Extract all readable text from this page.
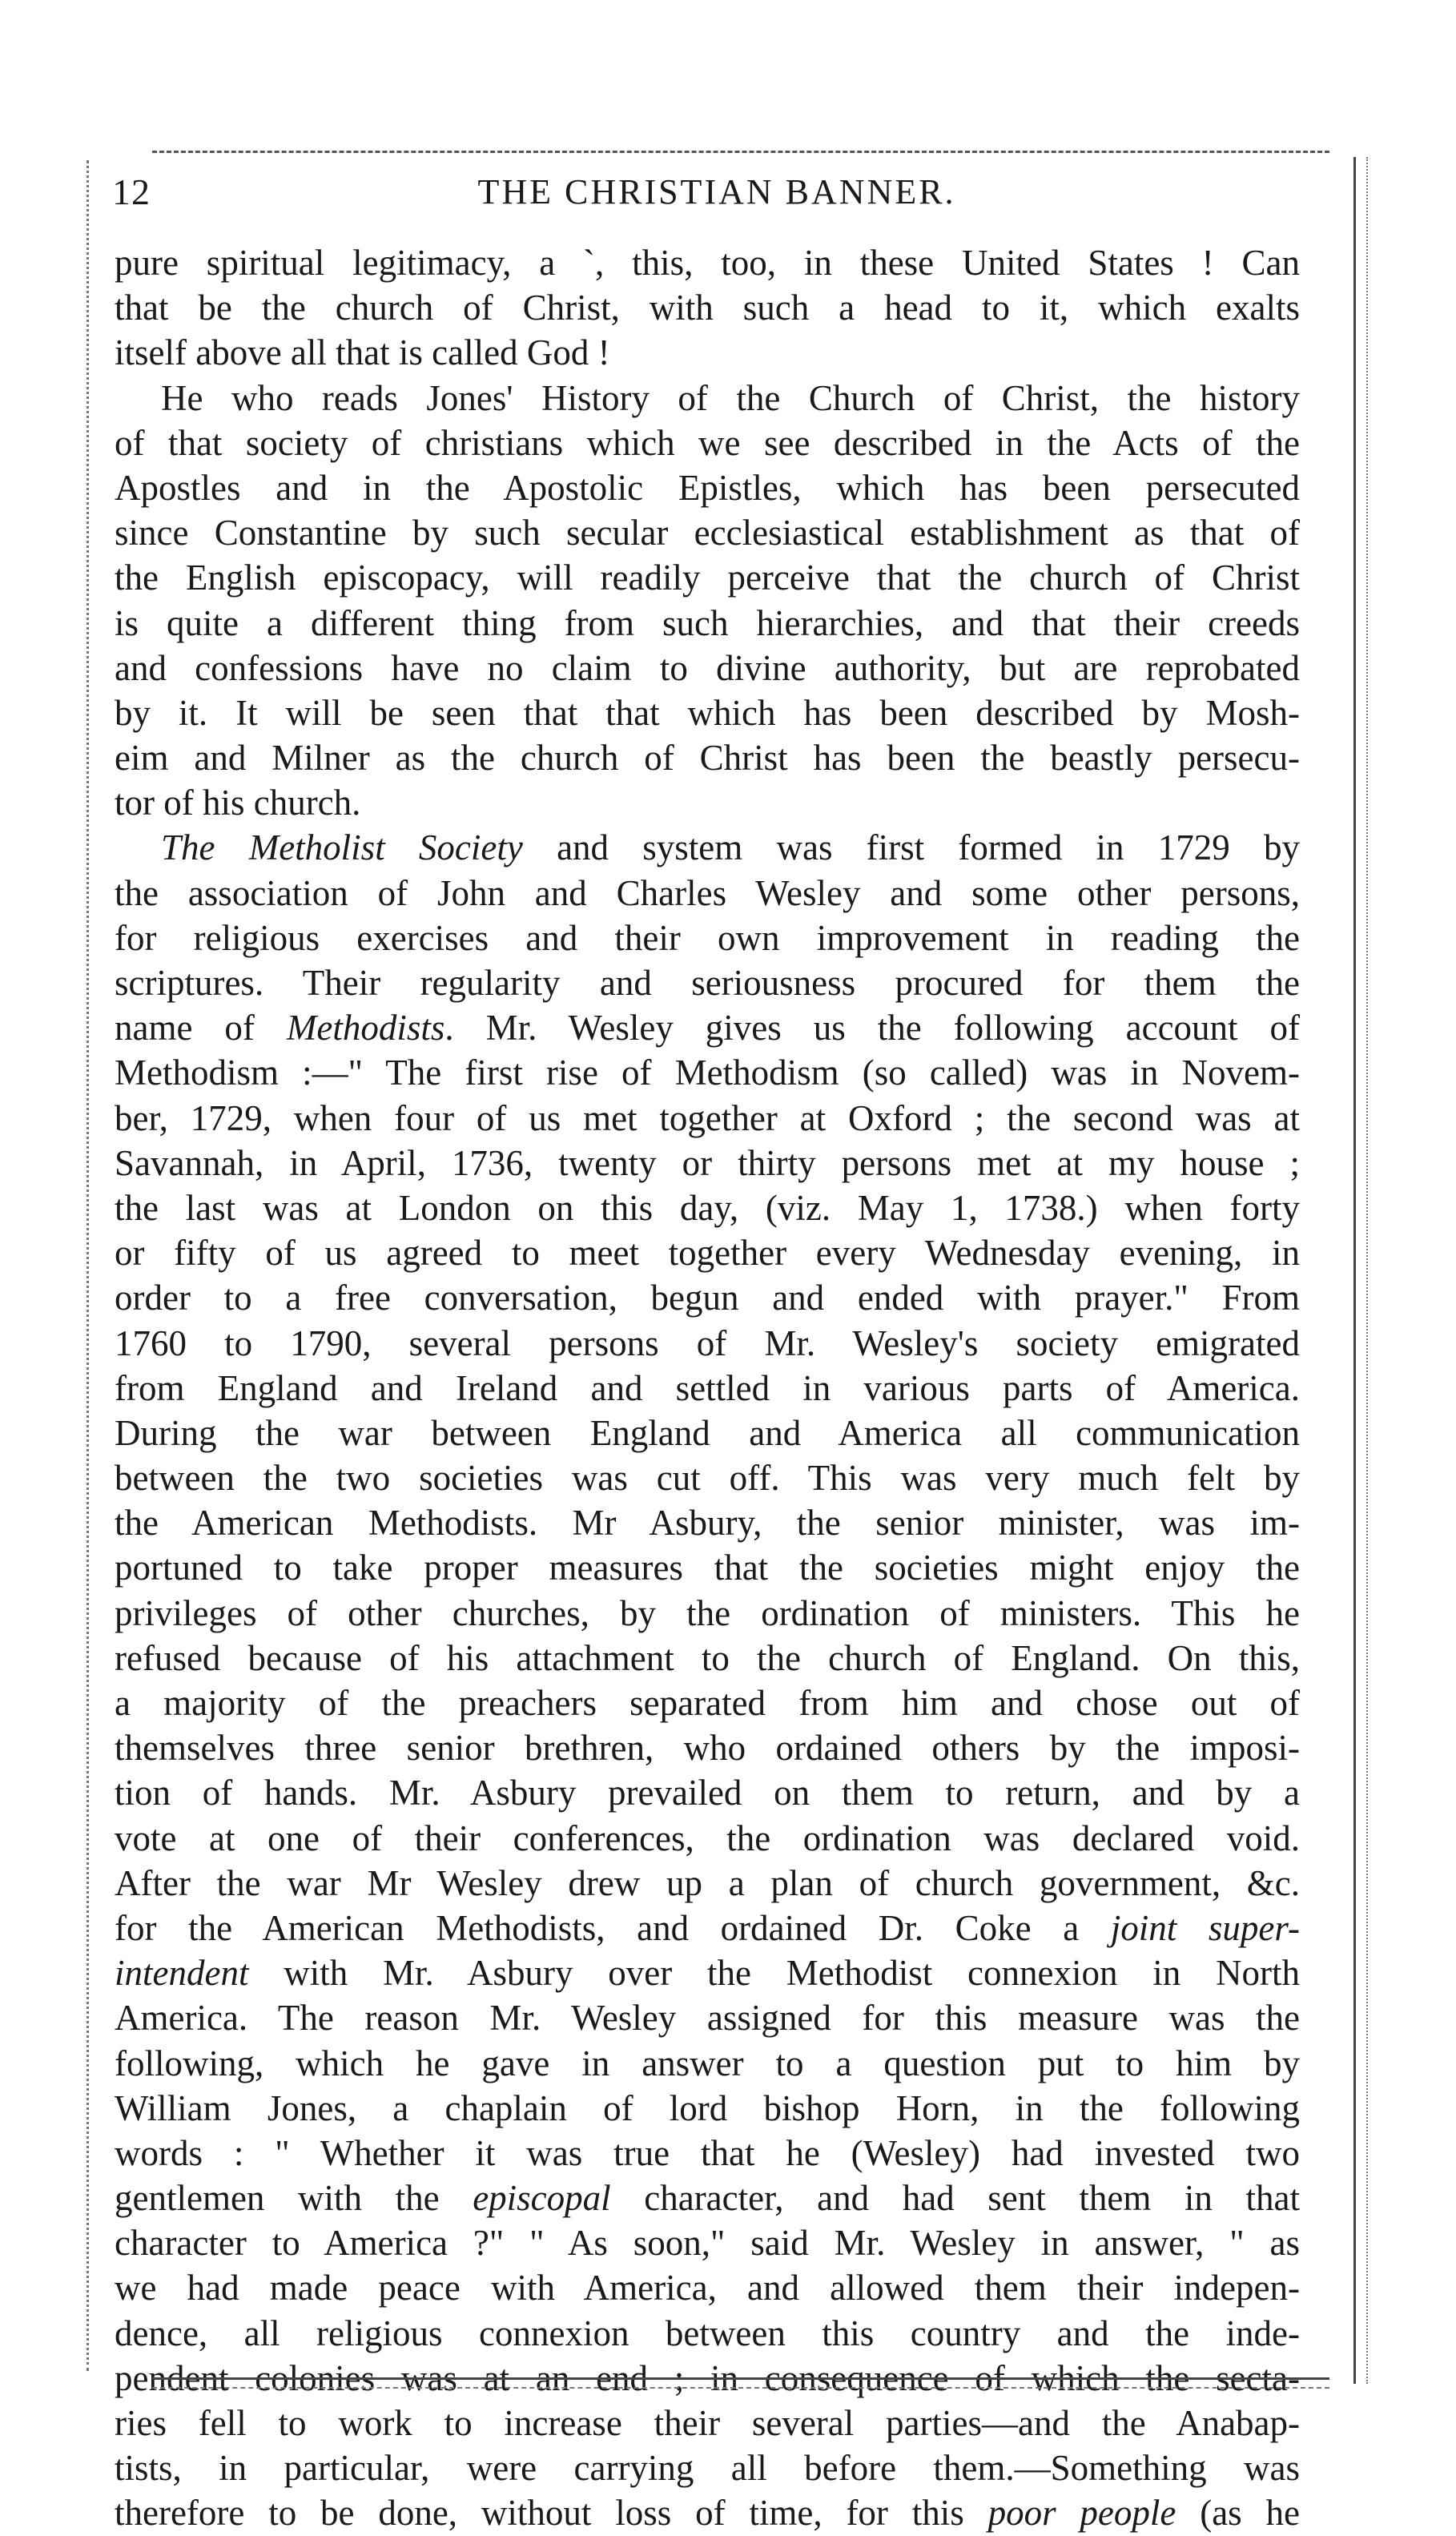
12	THE CHRISTIAN BANNER.
pure spiritual legitimacy, a `, this, too, in these United States ! Can
that be the church of Christ, with such a head to it, which exalts
itself above all that is called God !
He who reads Jones' History of the Church of Christ, the history
of that society of christians which we see described in the Acts of the
Apostles and in the Apostolic Epistles, which has been persecuted
since Constantine by such secular ecclesiastical establishment as that of
the English episcopacy, will readily perceive that the church of Christ
is quite a different thing from such hierarchies, and that their creeds
and confessions have no claim to divine authority, but are reprobated
by it. It will be seen that that which has been described by Mosh-
eim and Milner as the church of Christ has been the beastly persecu-
tor of his church.
The Metholist Society and system was first formed in 1729 by
the association of John and Charles Wesley and some other persons,
for religious exercises and their own improvement in reading the
scriptures. Their regularity and seriousness procured for them the
name of Methodists. Mr. Wesley gives us the following account of
Methodism :—" The first rise of Methodism (so called) was in Novem-
ber, 1729, when four of us met together at Oxford ; the second was at
Savannah, in April, 1736, twenty or thirty persons met at my house ;
the last was at London on this day, (viz. May 1, 1738.) when forty
or fifty of us agreed to meet together every Wednesday evening, in
order to a free conversation, begun and ended with prayer." From
1760 to 1790, several persons of Mr. Wesley's society emigrated
from England and Ireland and settled in various parts of America.
During the war between England and America all communication
between the two societies was cut off. This was very much felt by
the American Methodists. Mr Asbury, the senior minister, was im-
portuned to take proper measures that the societies might enjoy the
privileges of other churches, by the ordination of ministers. This he
refused because of his attachment to the church of England. On this,
a majority of the preachers separated from him and chose out of
themselves three senior brethren, who ordained others by the imposi-
tion of hands. Mr. Asbury prevailed on them to return, and by a
vote at one of their conferences, the ordination was declared void.
After the war Mr Wesley drew up a plan of church government, &c.
for the American Methodists, and ordained Dr. Coke a joint super-
intendent with Mr. Asbury over the Methodist connexion in North
America. The reason Mr. Wesley assigned for this measure was the
following, which he gave in answer to a question put to him by
William Jones, a chaplain of lord bishop Horn, in the following
words : " Whether it was true that he (Wesley) had invested two
gentlemen with the episcopal character, and had sent them in that
character to America ?" " As soon," said Mr. Wesley in answer, " as
we had made peace with America, and allowed them their indepen-
dence, all religious connexion between this country and the inde-
pendent colonies was at an end ; in consequence of which the secta-
ries fell to work to increase their several parties—and the Anabap-
tists, in particular, were carrying all before them.—Something was
therefore to be done, without loss of time, for this poor people (as he
